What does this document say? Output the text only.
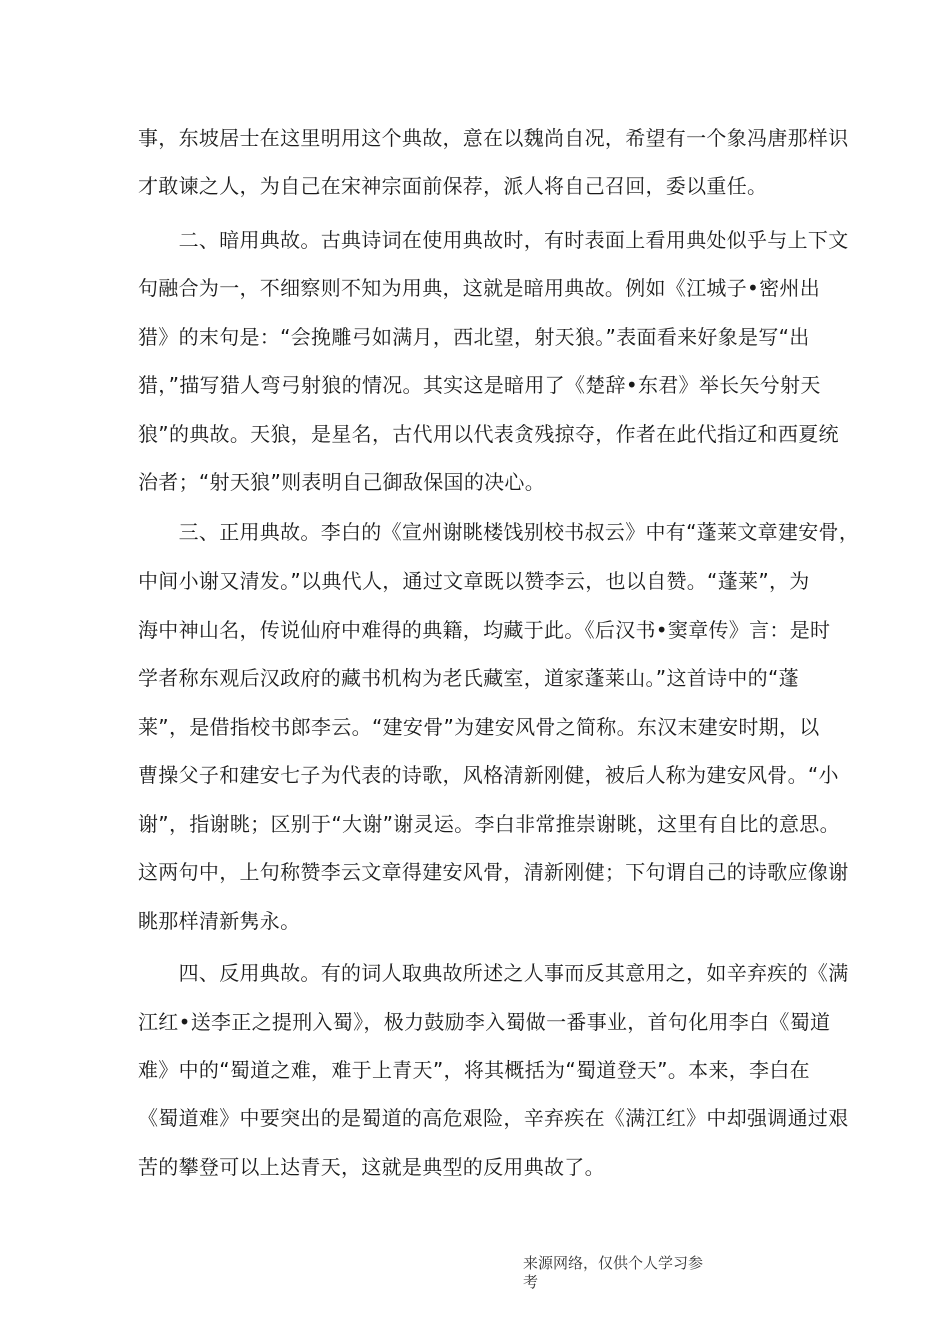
事，东坡居士在这里明用这个典故，意在以魏尚自况，希望有一个象冯唐那样识
才敢谏之人，为自己在宋神宗面前保荐，派人将自己召回，委以重任。
　　二、暗用典故。古典诗词在使用典故时，有时表面上看用典处似乎与上下文
句融合为一，不细察则不知为用典，这就是暗用典故。例如《江城子•密州出
猎》的末句是：“会挽雕弓如满月，西北望，射天狼。”表面看来好象是写“出
猎，”描写猎人弯弓射狼的情况。其实这是暗用了《楚辞•东君》举长矢兮射天
狼”的典故。天狼，是星名，古代用以代表贪残掠夺，作者在此代指辽和西夏统
治者；“射天狼”则表明自己御敌保国的决心。
　　三、正用典故。李白的《宣州谢眺楼饯别校书叔云》中有“蓬莱文章建安骨，
中间小谢又清发。”以典代人，通过文章既以赞李云，也以自赞。“蓬莱”，为
海中神山名，传说仙府中难得的典籍，均藏于此。《后汉书•窦章传》言：是时
学者称东观后汉政府的藏书机构为老氏藏室，道家蓬莱山。”这首诗中的“蓬
莱”，是借指校书郎李云。“建安骨”为建安风骨之简称。东汉末建安时期，以
曹操父子和建安七子为代表的诗歌，风格清新刚健，被后人称为建安风骨。“小
谢”，指谢眺；区别于“大谢”谢灵运。李白非常推崇谢眺，这里有自比的意思。
这两句中，上句称赞李云文章得建安风骨，清新刚健；下句谓自己的诗歌应像谢
眺那样清新隽永。
　　四、反用典故。有的词人取典故所述之人事而反其意用之，如辛弃疾的《满
江红•送李正之提刑入蜀》，极力鼓励李入蜀做一番事业，首句化用李白《蜀道
难》中的“蜀道之难，难于上青天”，将其概括为“蜀道登天”。本来，李白在
《蜀道难》中要突出的是蜀道的高危艰险，辛弃疾在《满江红》中却强调通过艰
苦的攀登可以上达青天，这就是典型的反用典故了。
来源网络，仅供个人学习参
考
